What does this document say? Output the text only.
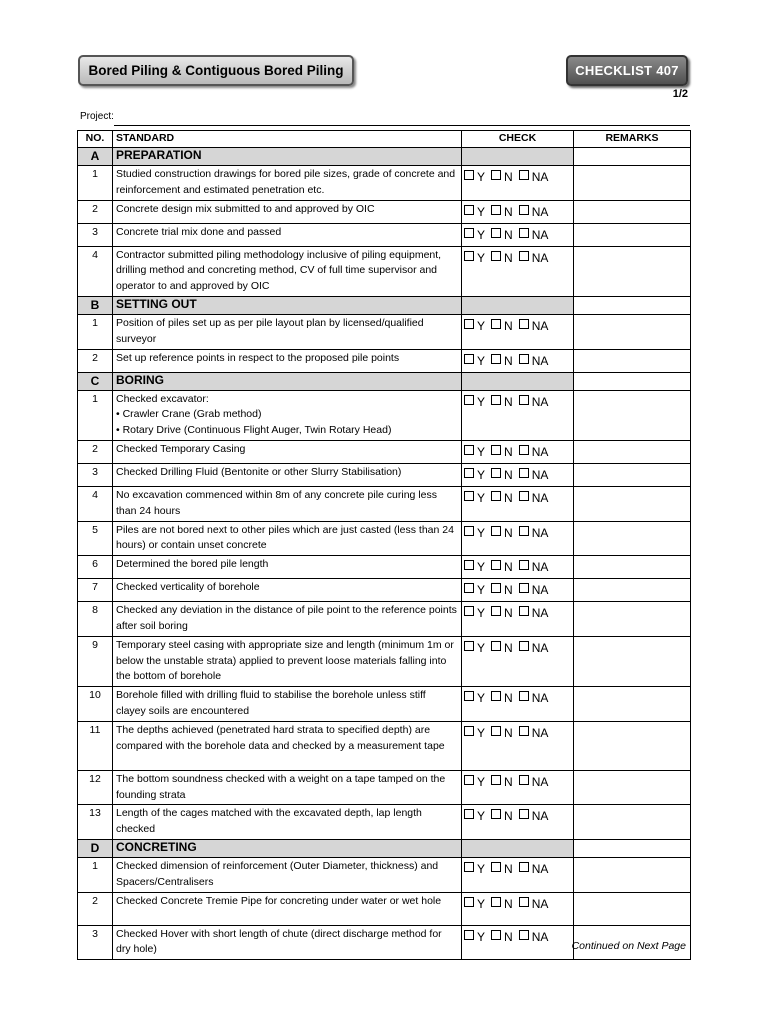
Bored Piling & Contiguous Bored Piling	CHECKLIST 407
1/2
Project:
NO.	STANDARD	CHECK	REMARKS
A	PREPARATION		
1	Studied construction drawings for bored pile sizes, grade of concrete and reinforcement and estimated penetration etc.	Y N NA	
2	Concrete design mix submitted to and approved by OIC	Y N NA	
3	Concrete trial mix done and passed	Y N NA	
4	Contractor submitted piling methodology inclusive of piling equipment, drilling method and concreting method, CV of full time supervisor and operator to and approved by OIC	Y N NA	
B	SETTING OUT		
1	Position of piles set up as per pile layout plan by licensed/qualified surveyor	Y N NA	
2	Set up reference points in respect to the proposed pile points	Y N NA	
C	BORING		
1	Checked excavator:
• Crawler Crane (Grab method)
• Rotary Drive (Continuous Flight Auger, Twin Rotary Head)	Y N NA	
2	Checked Temporary Casing	Y N NA	
3	Checked Drilling Fluid (Bentonite or other Slurry Stabilisation)	Y N NA	
4	No excavation commenced within 8m of any concrete pile curing less than 24 hours	Y N NA	
5	Piles are not bored next to other piles which are just casted (less than 24 hours) or contain unset concrete	Y N NA	
6	Determined the bored pile length	Y N NA	
7	Checked verticality of borehole	Y N NA	
8	Checked any deviation in the distance of pile point to the reference points after soil boring	Y N NA	
9	Temporary steel casing with appropriate size and length (minimum 1m or below the unstable strata) applied to prevent loose materials falling into the bottom of borehole	Y N NA	
10	Borehole filled with drilling fluid to stabilise the borehole unless stiff clayey soils are encountered	Y N NA	
11	The depths achieved (penetrated hard strata to specified depth) are compared with the borehole data and checked by a measurement tape	Y N NA	
12	The bottom soundness checked with a weight on a tape tamped on the founding strata	Y N NA	
13	Length of the cages matched with the excavated depth, lap length checked	Y N NA	
D	CONCRETING		
1	Checked dimension of reinforcement (Outer Diameter, thickness) and Spacers/Centralisers	Y N NA	
2	Checked Concrete Tremie Pipe for concreting under water or wet hole	Y N NA	
3	Checked Hover with short length of chute (direct discharge method for dry hole)	Y N NA	
Continued on Next Page
